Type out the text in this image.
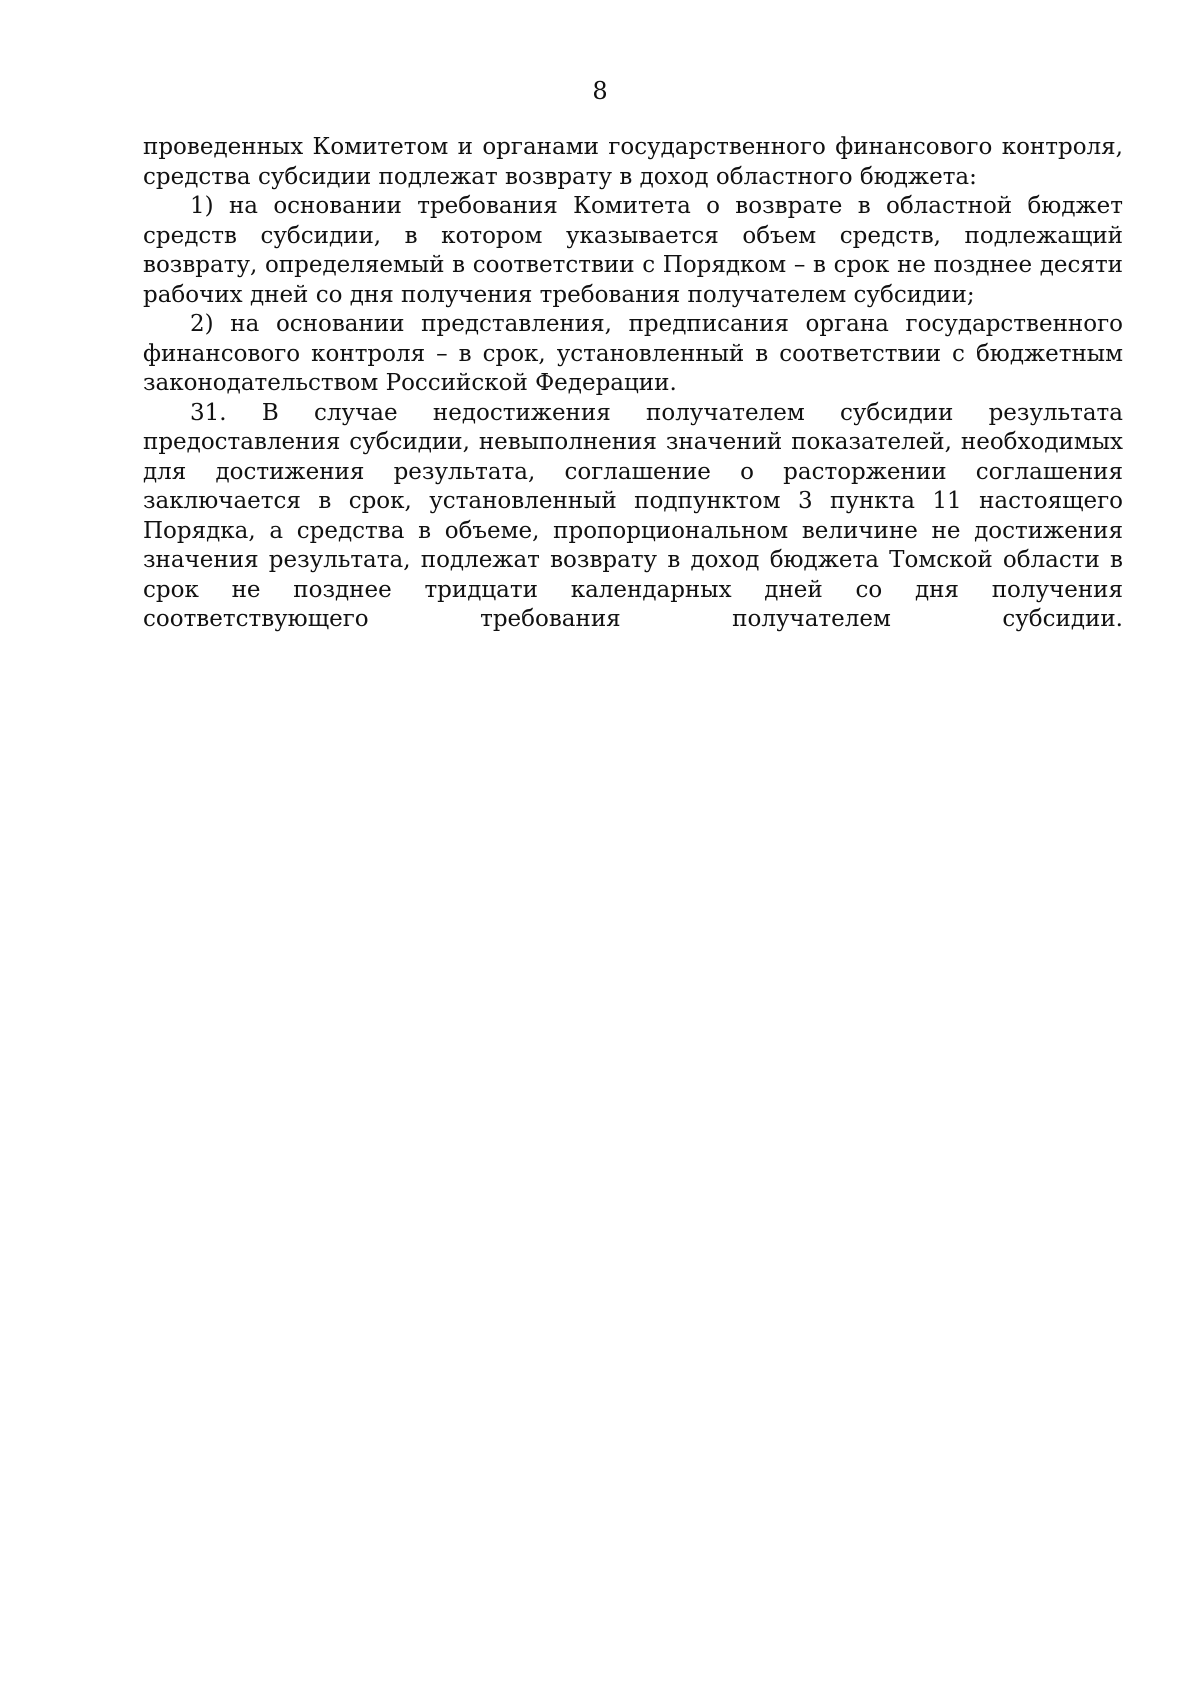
8

проведенных Комитетом и органами государственного финансового контроля, средства субсидии подлежат возврату в доход областного бюджета:

1) на основании требования Комитета о возврате в областной бюджет средств субсидии, в котором указывается объем средств, подлежащий возврату, определяемый в соответствии с Порядком – в срок не позднее десяти рабочих дней со дня получения требования получателем субсидии;

2) на основании представления, предписания органа государственного финансового контроля – в срок, установленный в соответствии с бюджетным законодательством Российской Федерации.

31. В случае недостижения получателем субсидии результата предоставления субсидии, невыполнения значений показателей, необходимых для достижения результата, соглашение о расторжении соглашения заключается в срок, установленный подпунктом 3 пункта 11 настоящего Порядка, а средства в объеме, пропорциональном величине не достижения значения результата, подлежат возврату в доход бюджета Томской области в срок не позднее тридцати календарных дней со дня получения соответствующего требования получателем субсидии.
